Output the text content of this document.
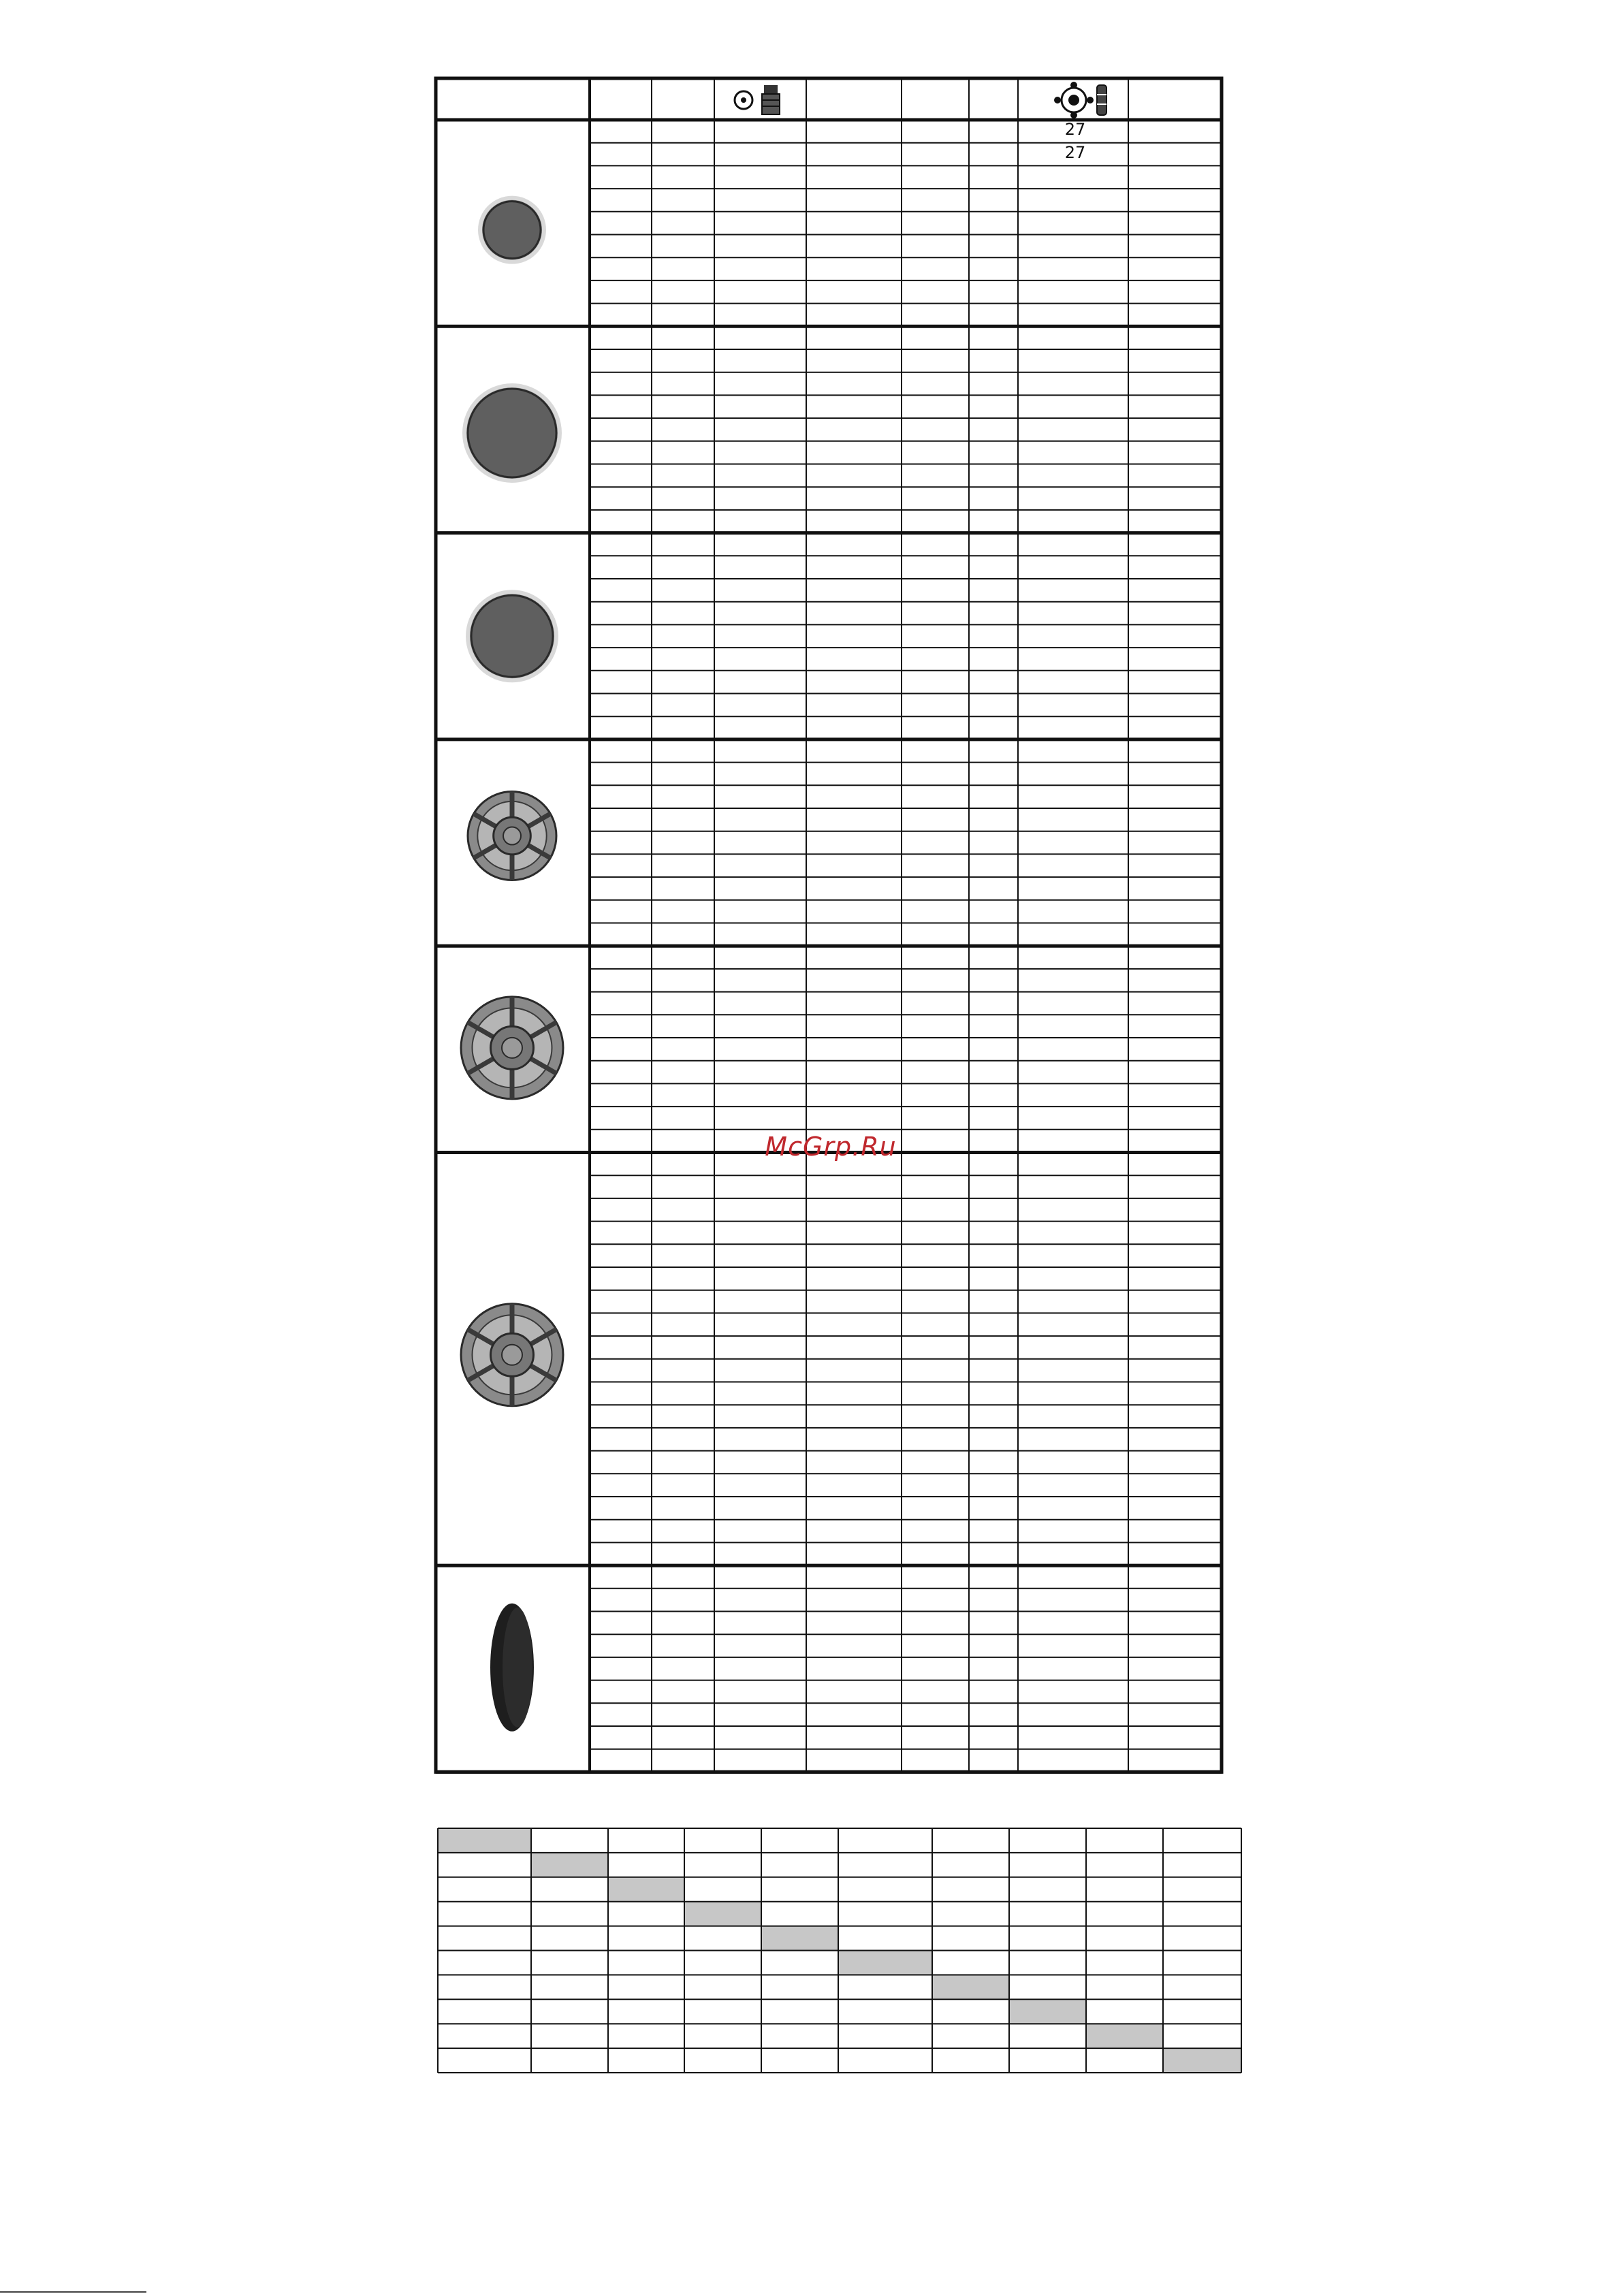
27
27
McGrp.Ru
